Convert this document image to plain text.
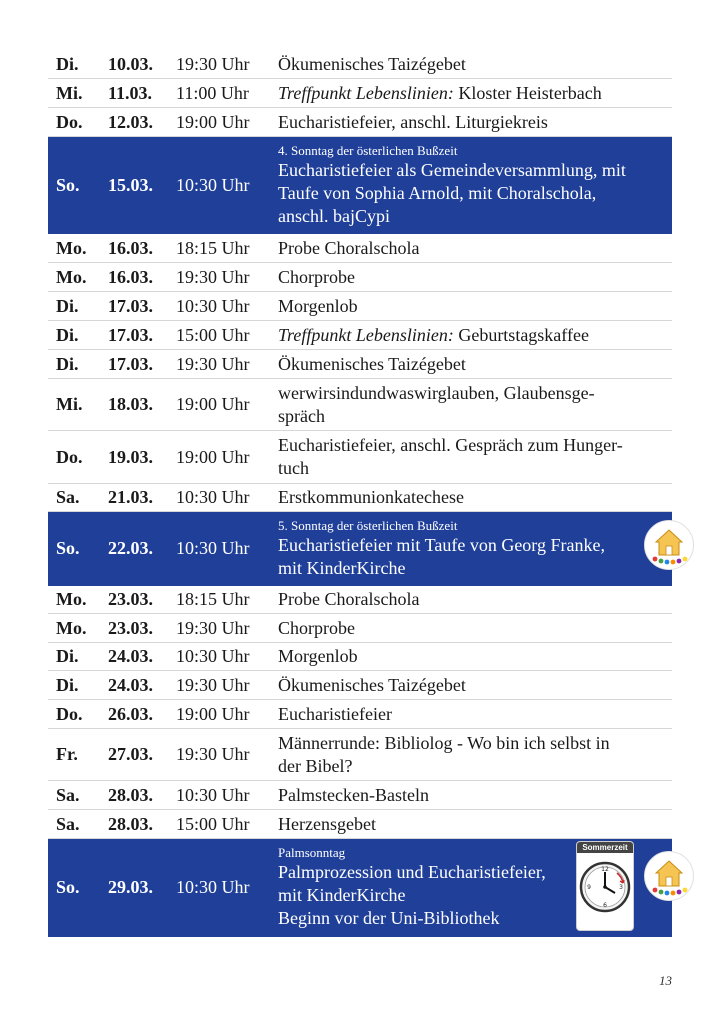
Di.	10.03.	19:30 Uhr	Ökumenisches Taizégebet
Mi.	11.03.	11:00 Uhr	Treffpunkt Lebenslinien: Kloster Heisterbach
Do.	12.03.	19:00 Uhr	Eucharistiefeier, anschl. Liturgiekreis
So.	15.03.	10:30 Uhr
4. Sonntag der österlichen Bußzeit
Eucharistiefeier als Gemeindeversammlung, mit
Taufe von Sophia Arnold, mit Choralschola,
anschl. bajCypi
Mo.	16.03.	18:15 Uhr	Probe Choralschola
Mo.	16.03.	19:30 Uhr	Chorprobe
Di.	17.03.	10:30 Uhr	Morgenlob
Di.	17.03.	15:00 Uhr	Treffpunkt Lebenslinien: Geburtstagskaffee
Di.	17.03.	19:30 Uhr	Ökumenisches Taizégebet
Mi.	18.03.	19:00 Uhr
werwirsindundwaswirglauben, Glaubensge-
spräch
Do.	19.03.	19:00 Uhr
Eucharistiefeier, anschl. Gespräch zum Hunger-
tuch
Sa.	21.03.	10:30 Uhr	Erstkommunionkatechese
So.	22.03.	10:30 Uhr
5. Sonntag der österlichen Bußzeit
Eucharistiefeier mit Taufe von Georg Franke,
mit KinderKirche
Mo.	23.03.	18:15 Uhr	Probe Choralschola
Mo.	23.03.	19:30 Uhr	Chorprobe
Di.	24.03.	10:30 Uhr	Morgenlob
Di.	24.03.	19:30 Uhr	Ökumenisches Taizégebet
Do.	26.03.	19:00 Uhr	Eucharistiefeier
Fr.	27.03.	19:30 Uhr
Männerrunde: Bibliolog - Wo bin ich selbst in
der Bibel?
Sa.	28.03.	10:30 Uhr	Palmstecken-Basteln
Sa.	28.03.	15:00 Uhr	Herzensgebet
So.	29.03.	10:30 Uhr
Palmsonntag
Palmprozession und Eucharistiefeier,
mit KinderKirche
Beginn vor der Uni-Bibliothek
Sommerzeit
12
3
6
9
13
